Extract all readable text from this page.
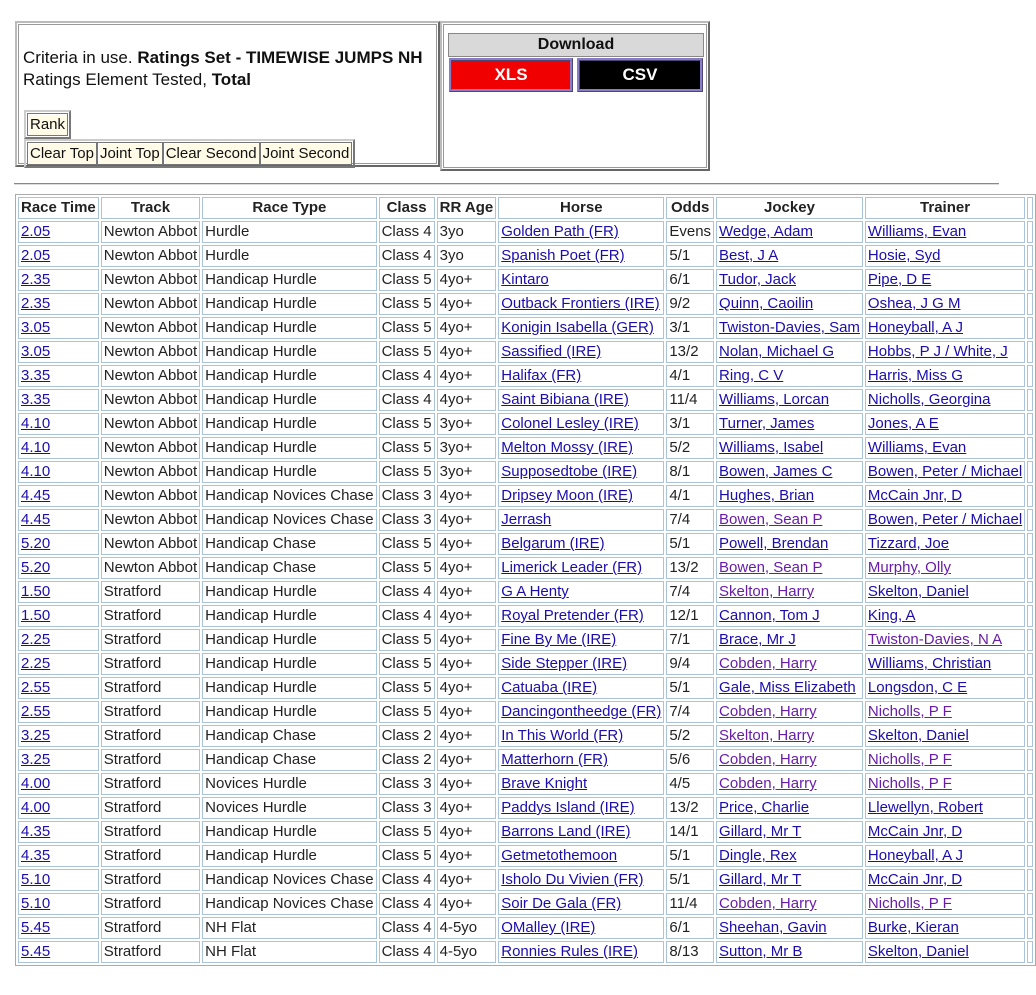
Criteria in use. Ratings Set - TIMEWISE JUMPS NH
Ratings Element Tested, Total
Rank
Clear Top Joint Top Clear Second Joint Second
Download
XLS	CSV
Race Time	Track	Race Type	Class	RR Age	Horse	Odds	Jockey	Trainer	
2.05	Newton Abbot	Hurdle	Class 4	3yo	Golden Path (FR)	Evens	Wedge, Adam	Williams, Evan	
2.05	Newton Abbot	Hurdle	Class 4	3yo	Spanish Poet (FR)	5/1	Best, J A	Hosie, Syd	
2.35	Newton Abbot	Handicap Hurdle	Class 5	4yo+	Kintaro	6/1	Tudor, Jack	Pipe, D E	
2.35	Newton Abbot	Handicap Hurdle	Class 5	4yo+	Outback Frontiers (IRE)	9/2	Quinn, Caoilin	Oshea, J G M	
3.05	Newton Abbot	Handicap Hurdle	Class 5	4yo+	Konigin Isabella (GER)	3/1	Twiston-Davies, Sam	Honeyball, A J	
3.05	Newton Abbot	Handicap Hurdle	Class 5	4yo+	Sassified (IRE)	13/2	Nolan, Michael G	Hobbs, P J / White, J	
3.35	Newton Abbot	Handicap Hurdle	Class 4	4yo+	Halifax (FR)	4/1	Ring, C V	Harris, Miss G	
3.35	Newton Abbot	Handicap Hurdle	Class 4	4yo+	Saint Bibiana (IRE)	11/4	Williams, Lorcan	Nicholls, Georgina	
4.10	Newton Abbot	Handicap Hurdle	Class 5	3yo+	Colonel Lesley (IRE)	3/1	Turner, James	Jones, A E	
4.10	Newton Abbot	Handicap Hurdle	Class 5	3yo+	Melton Mossy (IRE)	5/2	Williams, Isabel	Williams, Evan	
4.10	Newton Abbot	Handicap Hurdle	Class 5	3yo+	Supposedtobe (IRE)	8/1	Bowen, James C	Bowen, Peter / Michael	
4.45	Newton Abbot	Handicap Novices Chase	Class 3	4yo+	Dripsey Moon (IRE)	4/1	Hughes, Brian	McCain Jnr, D	
4.45	Newton Abbot	Handicap Novices Chase	Class 3	4yo+	Jerrash	7/4	Bowen, Sean P	Bowen, Peter / Michael	
5.20	Newton Abbot	Handicap Chase	Class 5	4yo+	Belgarum (IRE)	5/1	Powell, Brendan	Tizzard, Joe	
5.20	Newton Abbot	Handicap Chase	Class 5	4yo+	Limerick Leader (FR)	13/2	Bowen, Sean P	Murphy, Olly	
1.50	Stratford	Handicap Hurdle	Class 4	4yo+	G A Henty	7/4	Skelton, Harry	Skelton, Daniel	
1.50	Stratford	Handicap Hurdle	Class 4	4yo+	Royal Pretender (FR)	12/1	Cannon, Tom J	King, A	
2.25	Stratford	Handicap Hurdle	Class 5	4yo+	Fine By Me (IRE)	7/1	Brace, Mr J	Twiston-Davies, N A	
2.25	Stratford	Handicap Hurdle	Class 5	4yo+	Side Stepper (IRE)	9/4	Cobden, Harry	Williams, Christian	
2.55	Stratford	Handicap Hurdle	Class 5	4yo+	Catuaba (IRE)	5/1	Gale, Miss Elizabeth	Longsdon, C E	
2.55	Stratford	Handicap Hurdle	Class 5	4yo+	Dancingontheedge (FR)	7/4	Cobden, Harry	Nicholls, P F	
3.25	Stratford	Handicap Chase	Class 2	4yo+	In This World (FR)	5/2	Skelton, Harry	Skelton, Daniel	
3.25	Stratford	Handicap Chase	Class 2	4yo+	Matterhorn (FR)	5/6	Cobden, Harry	Nicholls, P F	
4.00	Stratford	Novices Hurdle	Class 3	4yo+	Brave Knight	4/5	Cobden, Harry	Nicholls, P F	
4.00	Stratford	Novices Hurdle	Class 3	4yo+	Paddys Island (IRE)	13/2	Price, Charlie	Llewellyn, Robert	
4.35	Stratford	Handicap Hurdle	Class 5	4yo+	Barrons Land (IRE)	14/1	Gillard, Mr T	McCain Jnr, D	
4.35	Stratford	Handicap Hurdle	Class 5	4yo+	Getmetothemoon	5/1	Dingle, Rex	Honeyball, A J	
5.10	Stratford	Handicap Novices Chase	Class 4	4yo+	Isholo Du Vivien (FR)	5/1	Gillard, Mr T	McCain Jnr, D	
5.10	Stratford	Handicap Novices Chase	Class 4	4yo+	Soir De Gala (FR)	11/4	Cobden, Harry	Nicholls, P F	
5.45	Stratford	NH Flat	Class 4	4-5yo	OMalley (IRE)	6/1	Sheehan, Gavin	Burke, Kieran	
5.45	Stratford	NH Flat	Class 4	4-5yo	Ronnies Rules (IRE)	8/13	Sutton, Mr B	Skelton, Daniel	
